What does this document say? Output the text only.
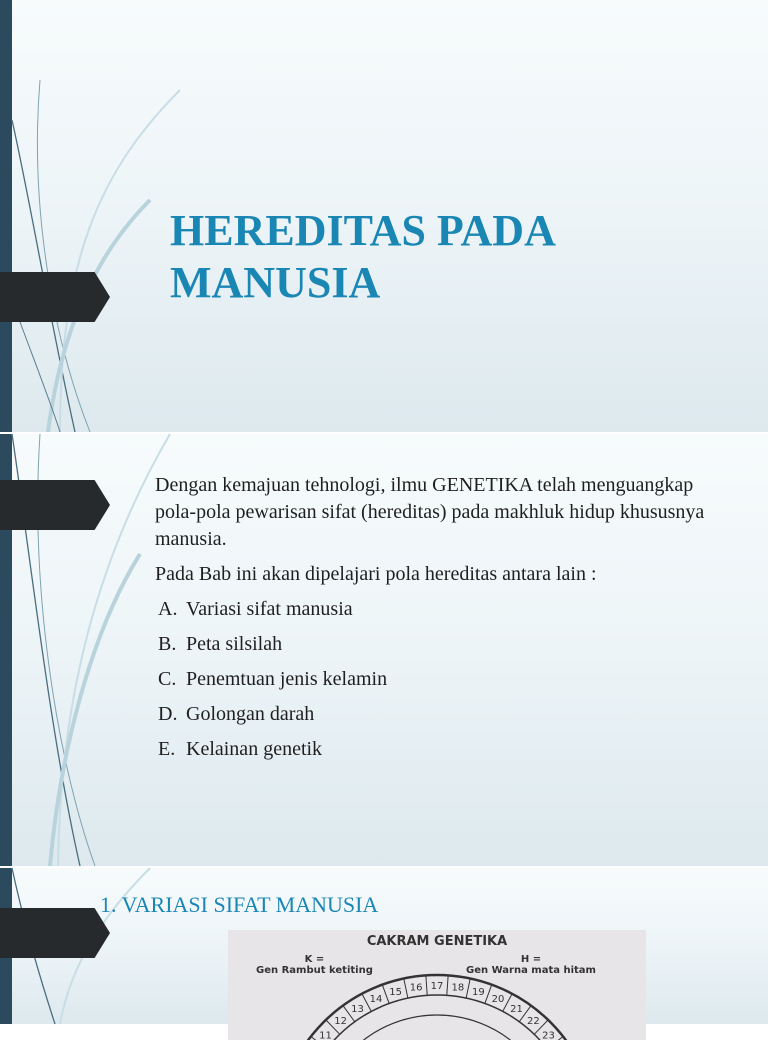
HEREDITAS PADA MANUSIA
Dengan kemajuan tehnologi, ilmu GENETIKA telah menguangkap pola-pola pewarisan sifat (hereditas) pada makhluk hidup khususnya manusia.
Pada Bab ini akan dipelajari pola hereditas antara lain :
A. Variasi sifat manusia
B. Peta silsilah
C. Penemtuan jenis kelamin
D. Golongan darah
E. Kelainan genetik
1. VARIASI SIFAT MANUSIA
CAKRAM GENETIKA
K =
Gen Rambut ketiting
H =
Gen Warna mata hitam
11
12
13
14
15 16 17 18 19
20
21
22
23
